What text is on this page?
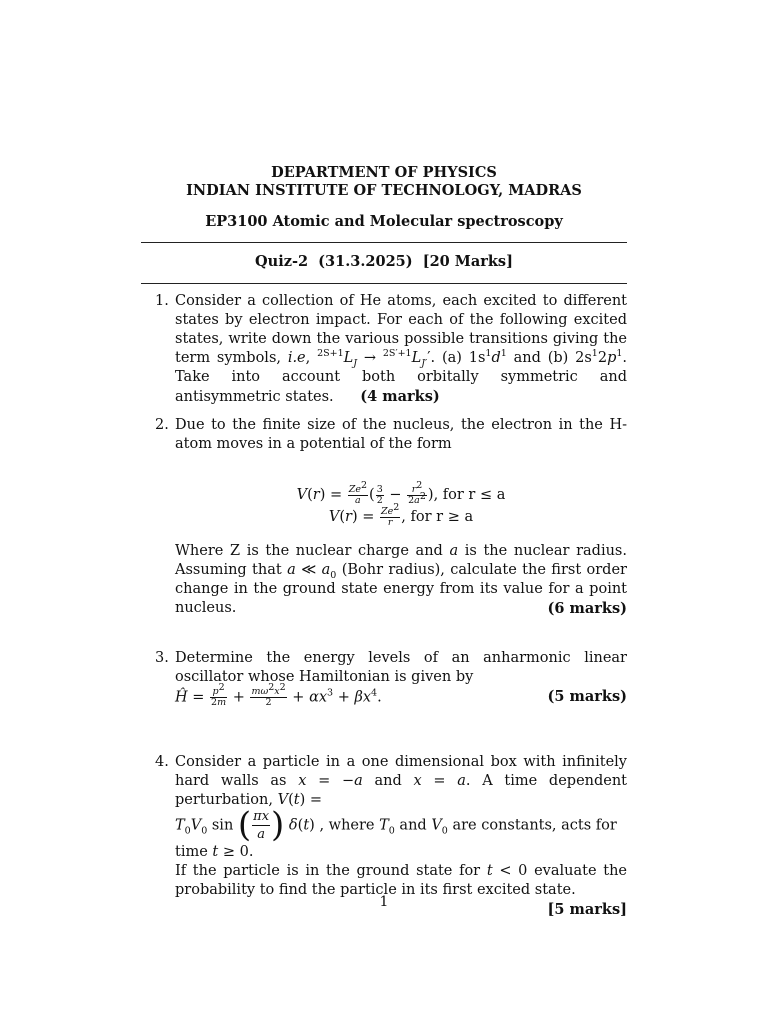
DEPARTMENT OF PHYSICS
INDIAN INSTITUTE OF TECHNOLOGY, MADRAS
EP3100 Atomic and Molecular spectroscopy
Quiz-2  (31.3.2025)  [20 Marks]
1. Consider a collection of He atoms, each excited to different states by electron impact. For each of the following excited states, write down the various possible transitions giving the term symbols, i.e, $^{2S+1}L_J \to ^{2S'+1}L_{J'}'$. (a) $1s^1d^1$ and (b) $2s^12p^1$. Take into account both orbitally symmetric and antisymmetric states. (4 marks)
2. Due to the finite size of the nucleus, the electron in the H-atom moves in a potential of the form
$V(r) = \frac{Ze^2}{a}$ ( $\frac{3}{2} - \frac{r^2}{2a^2}$ ), for r ≤ a
$V(r) = \frac{Ze^2}{r}$ , for r ≥ a
Where Z is the nuclear charge and a is the nuclear radius. Assuming that a ≪ $a_0$ (Bohr radius), calculate the first order change in the ground state energy from its value for a point nucleus.	(6 marks)
3. Determine the energy levels of an anharmonic linear oscillator whose Hamiltonian is given by
Ĥ = $\frac{p^2}{2m} + \frac{m\omega^2x^2}{2} + \alpha x^3 + \beta x^4$.	(5 marks)
4. Consider a particle in a one dimensional box with infinitely hard walls as x = −a and x = a. A time dependent perturbation, V(t) =
$T_0V_0$ sin ( $\frac{\pi x}{a}$ ) δ(t) , where $T_0$ and $V_0$ are constants, acts for time t ≥ 0.
If the particle is in the ground state for t < 0 evaluate the probability to find the particle in its first excited state.
[5 marks]
1
